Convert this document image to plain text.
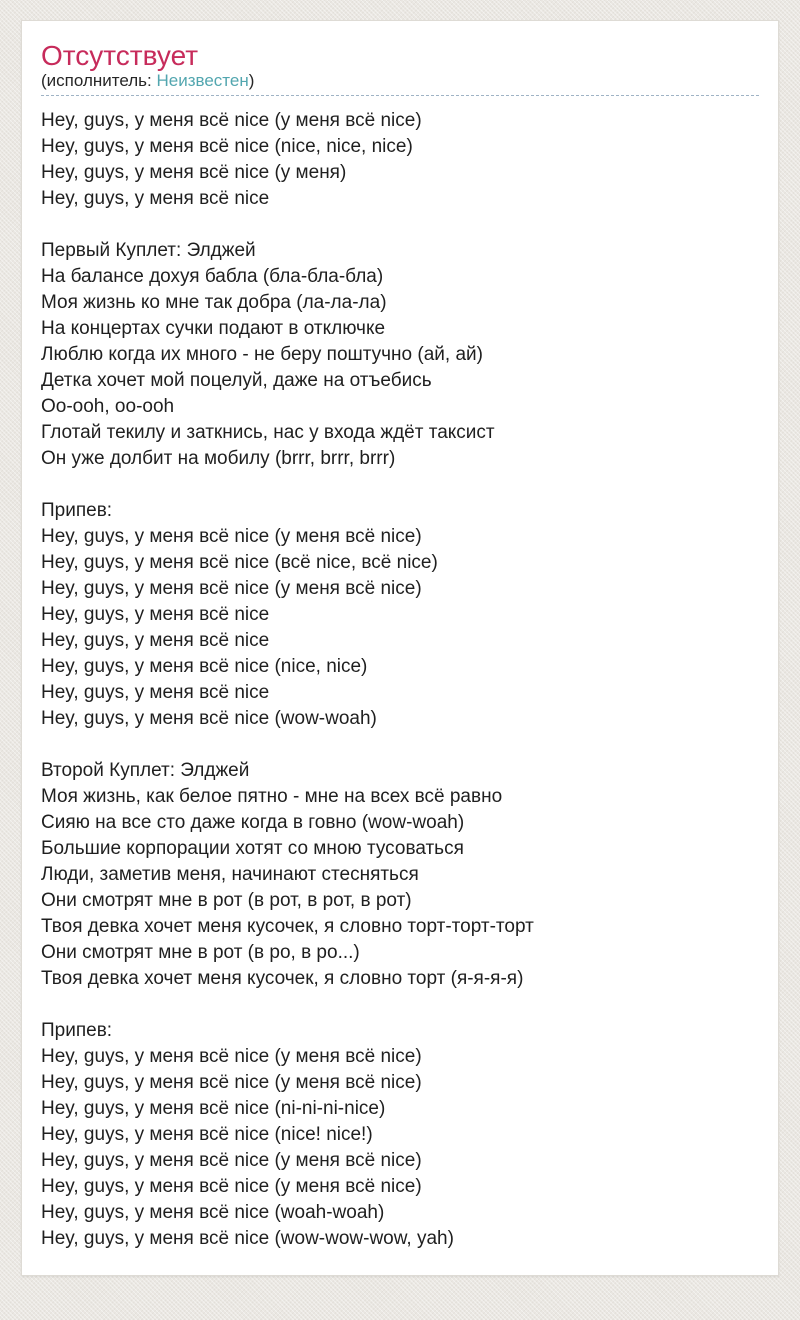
Отсутствует
(исполнитель: Неизвестен)
Hey, guys, у меня всё nice (у меня всё nice)
Hey, guys, у меня всё nice (nice, nice, nice)
Hey, guys, у меня всё nice (у меня)
Hey, guys, у меня всё nice
Первый Куплет: Элджей
На балансе дохуя бабла (бла-бла-бла)
Моя жизнь ко мне так добра (ла-ла-ла)
На концертах сучки подают в отключке
Люблю когда их много - не беру поштучно (ай, ай)
Детка хочет мой поцелуй, даже на отъебись
Oo-ooh, oo-ooh
Глотай текилу и заткнись, нас у входа ждёт таксист
Он уже долбит на мобилу (brrr, brrr, brrr)
Припев:
Hey, guys, у меня всё nice (у меня всё nice)
Hey, guys, у меня всё nice (всё nice, всё nice)
Hey, guys, у меня всё nice (у меня всё nice)
Hey, guys, у меня всё nice
Hey, guys, у меня всё nice
Hey, guys, у меня всё nice (nice, nice)
Hey, guys, у меня всё nice
Hey, guys, у меня всё nice (wow-woah)
Второй Куплет: Элджей
Моя жизнь, как белое пятно - мне на всех всё равно
Сияю на все сто даже когда в говно (wow-woah)
Большие корпорации хотят со мною тусоваться
Люди, заметив меня, начинают стесняться
Они смотрят мне в рот (в рот, в рот, в рот)
Твоя девка хочет меня кусочек, я словно торт-торт-торт
Они смотрят мне в рот (в ро, в ро...)
Твоя девка хочет меня кусочек, я словно торт (я-я-я-я)
Припев:
Hey, guys, у меня всё nice (у меня всё nice)
Hey, guys, у меня всё nice (у меня всё nice)
Hey, guys, у меня всё nice (ni-ni-ni-nice)
Hey, guys, у меня всё nice (nice! nice!)
Hey, guys, у меня всё nice (у меня всё nice)
Hey, guys, у меня всё nice (у меня всё nice)
Hey, guys, у меня всё nice (woah-woah)
Hey, guys, у меня всё nice (wow-wow-wow, yah)
